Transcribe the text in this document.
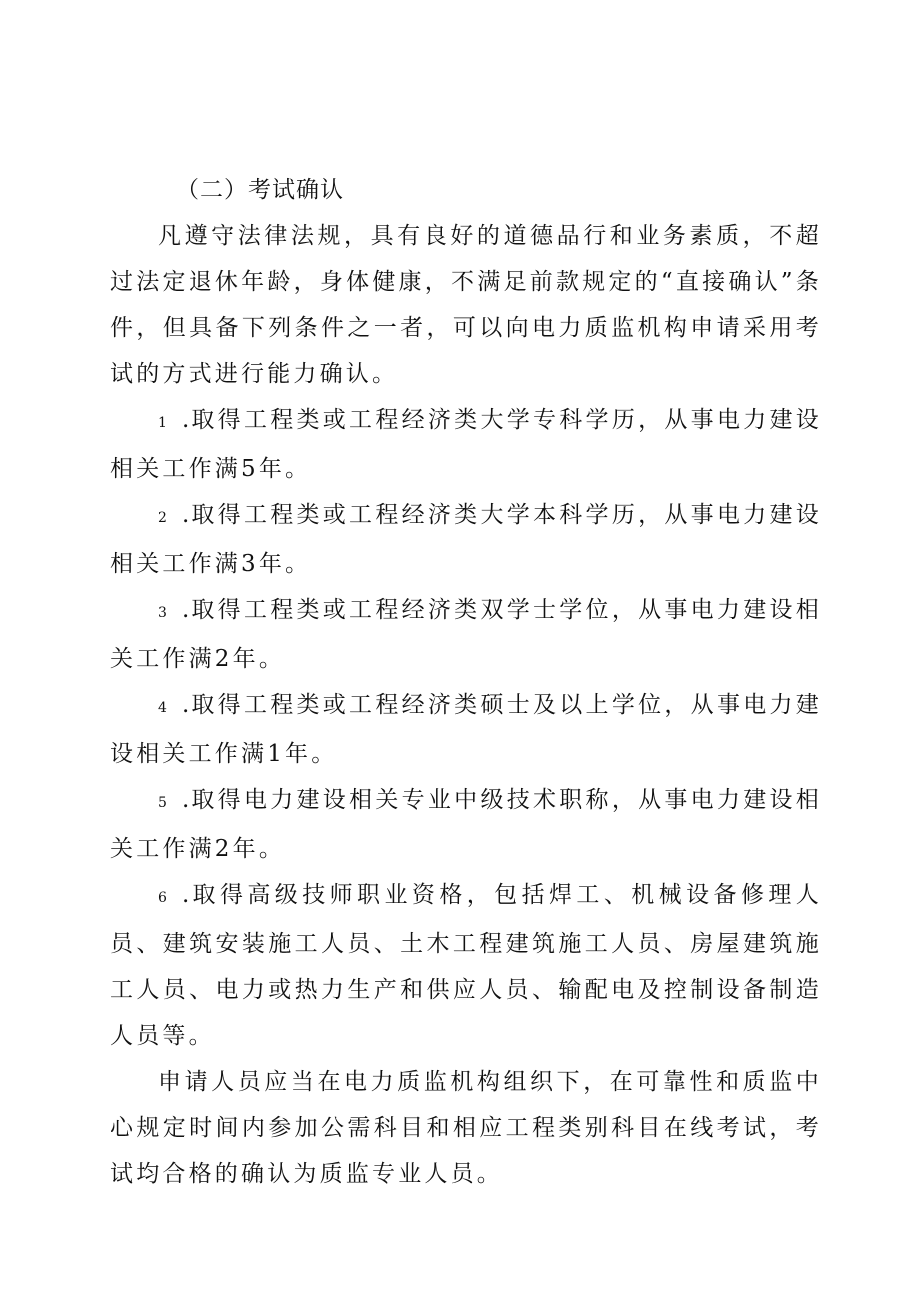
（二）考试确认

凡遵守法律法规，具有良好的道德品行和业务素质，不超过法定退休年龄，身体健康，不满足前款规定的“直接确认”条件，但具备下列条件之一者，可以向电力质监机构申请采用考试的方式进行能力确认。

1 .取得工程类或工程经济类大学专科学历，从事电力建设相关工作满5年。

2 .取得工程类或工程经济类大学本科学历，从事电力建设相关工作满3年。

3 .取得工程类或工程经济类双学士学位，从事电力建设相关工作满2年。

4 .取得工程类或工程经济类硕士及以上学位，从事电力建设相关工作满1年。

5 .取得电力建设相关专业中级技术职称，从事电力建设相关工作满2年。

6 .取得高级技师职业资格，包括焊工、机械设备修理人员、建筑安装施工人员、土木工程建筑施工人员、房屋建筑施工人员、电力或热力生产和供应人员、输配电及控制设备制造人员等。

申请人员应当在电力质监机构组织下，在可靠性和质监中心规定时间内参加公需科目和相应工程类别科目在线考试，考试均合格的确认为质监专业人员。
